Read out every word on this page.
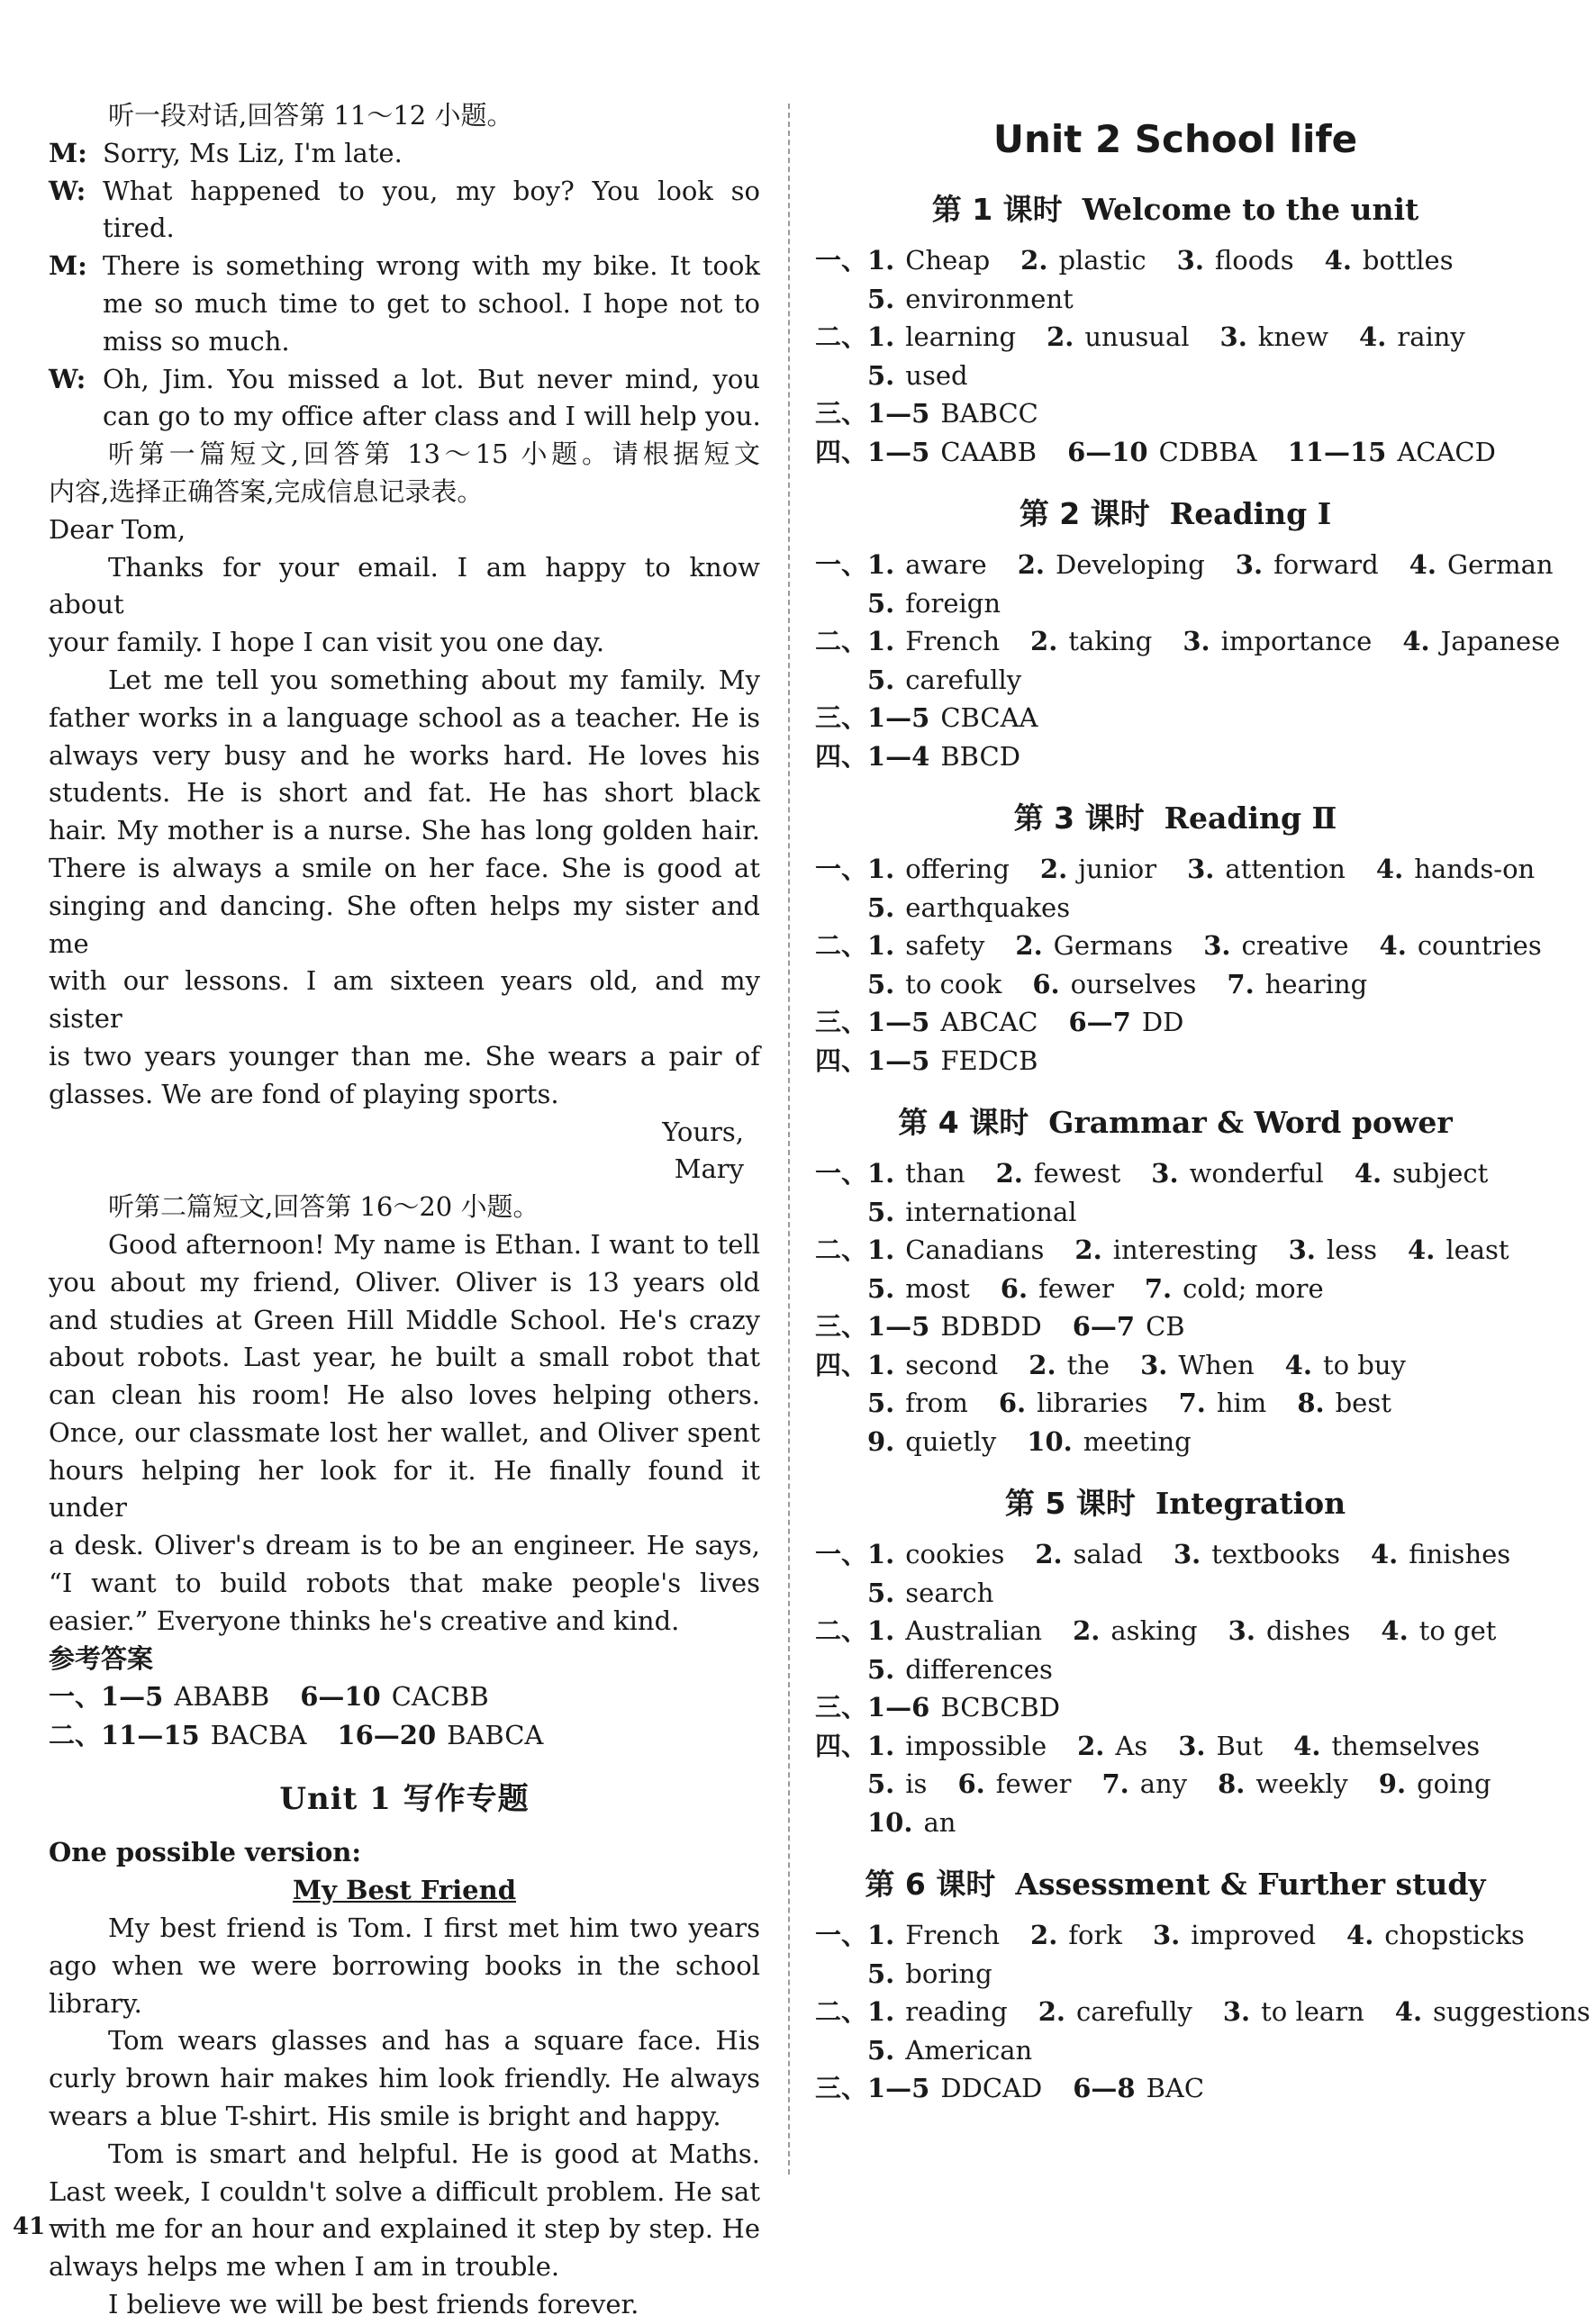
听一段对话,回答第 11～12 小题。
M: Sorry, Ms Liz, I'm late.
W: What happened to you, my boy? You look so
tired.
M: There is something wrong with my bike. It took
me so much time to get to school. I hope not to
miss so much.
W: Oh, Jim. You missed a lot. But never mind, you
can go to my office after class and I will help you.
听第一篇短文,回答第 13～15 小题。请根据短文
内容,选择正确答案,完成信息记录表。
Dear Tom,
Thanks for your email. I am happy to know about
your family. I hope I can visit you one day.
Let me tell you something about my family. My
father works in a language school as a teacher. He is
always very busy and he works hard. He loves his
students. He is short and fat. He has short black
hair. My mother is a nurse. She has long golden hair.
There is always a smile on her face. She is good at
singing and dancing. She often helps my sister and me
with our lessons. I am sixteen years old, and my sister
is two years younger than me. She wears a pair of
glasses. We are fond of playing sports.
Yours,
Mary
听第二篇短文,回答第 16～20 小题。
Good afternoon! My name is Ethan. I want to tell
you about my friend, Oliver. Oliver is 13 years old
and studies at Green Hill Middle School. He's crazy
about robots. Last year, he built a small robot that
can clean his room! He also loves helping others.
Once, our classmate lost her wallet, and Oliver spent
hours helping her look for it. He finally found it under
a desk. Oliver's dream is to be an engineer. He says,
“I want to build robots that make people's lives
easier.” Everyone thinks he's creative and kind.
参考答案
一、1—5 ABABB 6—10 CACBB
二、11—15 BACBA 16—20 BABCA
Unit 1 写作专题
One possible version:
My Best Friend
My best friend is Tom. I first met him two years
ago when we were borrowing books in the school
library.
Tom wears glasses and has a square face. His
curly brown hair makes him look friendly. He always
wears a blue T-shirt. His smile is bright and happy.
Tom is smart and helpful. He is good at Maths.
Last week, I couldn't solve a difficult problem. He sat
with me for an hour and explained it step by step. He
always helps me when I am in trouble.
I believe we will be best friends forever.
Unit 2 School life
第 1 课时 Welcome to the unit
一、1. Cheap 2. plastic 3. floods 4. bottles
5. environment
二、1. learning 2. unusual 3. knew 4. rainy
5. used
三、1—5 BABCC
四、1—5 CAABB 6—10 CDBBA 11—15 ACACD
第 2 课时 Reading Ⅰ
一、1. aware 2. Developing 3. forward 4. German
5. foreign
二、1. French 2. taking 3. importance 4. Japanese
5. carefully
三、1—5 CBCAA
四、1—4 BBCD
第 3 课时 Reading Ⅱ
一、1. offering 2. junior 3. attention 4. hands-on
5. earthquakes
二、1. safety 2. Germans 3. creative 4. countries
5. to cook 6. ourselves 7. hearing
三、1—5 ABCAC 6—7 DD
四、1—5 FEDCB
第 4 课时 Grammar & Word power
一、1. than 2. fewest 3. wonderful 4. subject
5. international
二、1. Canadians 2. interesting 3. less 4. least
5. most 6. fewer 7. cold; more
三、1—5 BDBDD 6—7 CB
四、1. second 2. the 3. When 4. to buy
5. from 6. libraries 7. him 8. best
9. quietly 10. meeting
第 5 课时 Integration
一、1. cookies 2. salad 3. textbooks 4. finishes
5. search
二、1. Australian 2. asking 3. dishes 4. to get
5. differences
三、1—6 BCBCBD
四、1. impossible 2. As 3. But 4. themselves
5. is 6. fewer 7. any 8. weekly 9. going
10. an
第 6 课时 Assessment & Further study
一、1. French 2. fork 3. improved 4. chopsticks
5. boring
二、1. reading 2. carefully 3. to learn 4. suggestions
5. American
三、1—5 DDCAD 6—8 BAC
41
